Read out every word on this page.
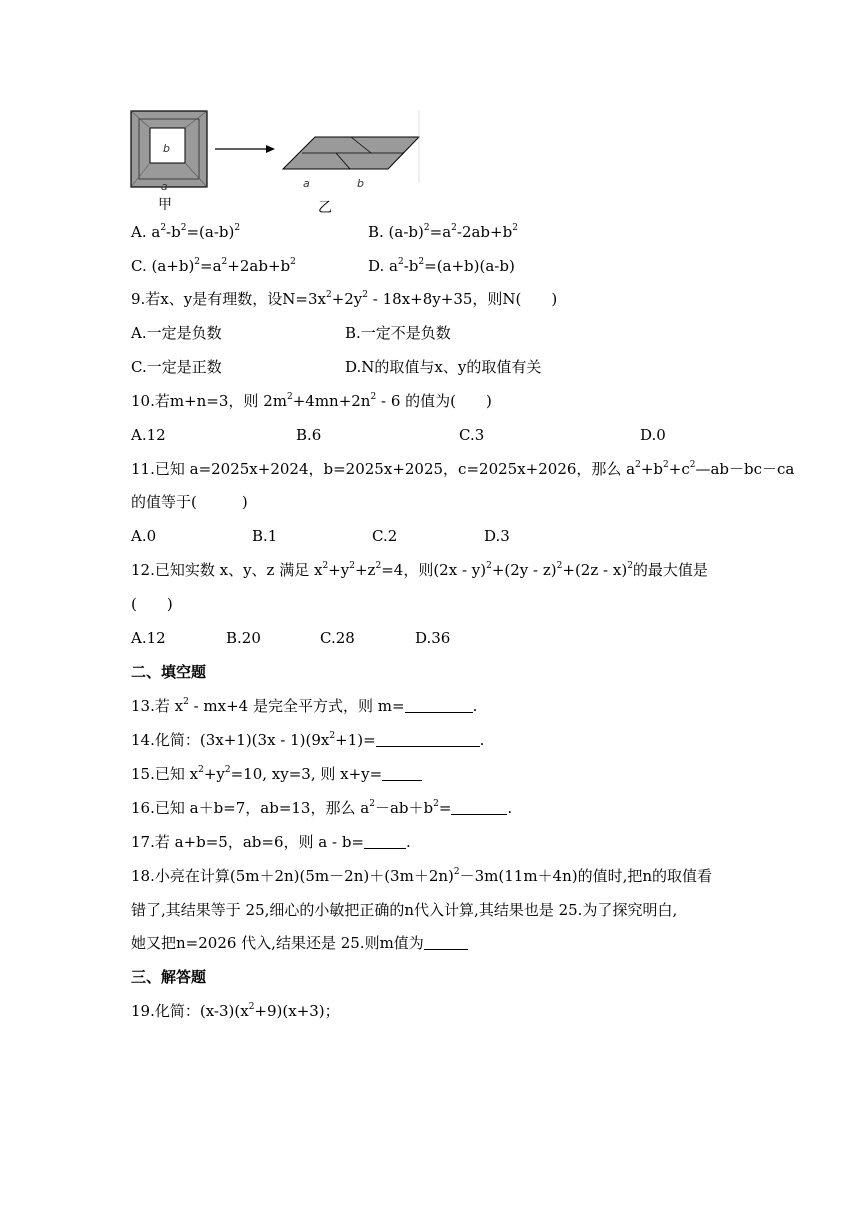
b
a
甲
a	b
乙
A. $a^2-b^2=(a-b)^2$	B. $(a-b)^2=a^2-2ab+b^2$
C. $(a+b)^2=a^2+2ab+b^2$	D. $a^2-b^2=(a+b)(a-b)$
9.若x、y是有理数，设$N=3x^2+2y^2 - 18x+8y+35$，则N(　　)
A.一定是负数	B.一定不是负数
C.一定是正数	D.N的取值与x、y的取值有关
10.若m+n=3，则 $2m^2+4mn+2n^2 - 6$ 的值为(　　)
A.12	B.6	C.3	D.0
11.已知 a=2025x+2024，b=2025x+2025，c=2025x+2026，那么 $a^2+b^2+c^2—ab-bc-ca$
的值等于(　　　)
A.0	B.1	C.2	D.3
12.已知实数 x、y、z 满足 $x^2+y^2+z^2=4$，则(2x - y)$^2$+(2y - z)$^2$+(2z - x)$^2$的最大值是
(　　)
A.12	B.20	C.28	D.36
二、填空题
13.若 $x^2 - mx+4$ 是完全平方式，则 m=	.
14.化简：$(3x+1)(3x - 1)(9x^2+1)=$	.
15.已知 $x^2+y^2=10$, xy=3, 则 x+y=
16.已知 a＋b=7，ab=13，那么 $a^2-ab+b^2=$	.
17.若 a+b=5，ab=6，则 a - b=	.
18.小亮在计算$(5m+2n)(5m-2n)+(3m+2n)^2-3m(11m+4n)$的值时,把n的取值看
错了,其结果等于 25,细心的小敏把正确的n代入计算,其结果也是 25.为了探究明白,
她又把n=2026 代入,结果还是 25.则m值为
三、解答题
19.化简：$(x-3)(x^2+9)(x+3)$；
